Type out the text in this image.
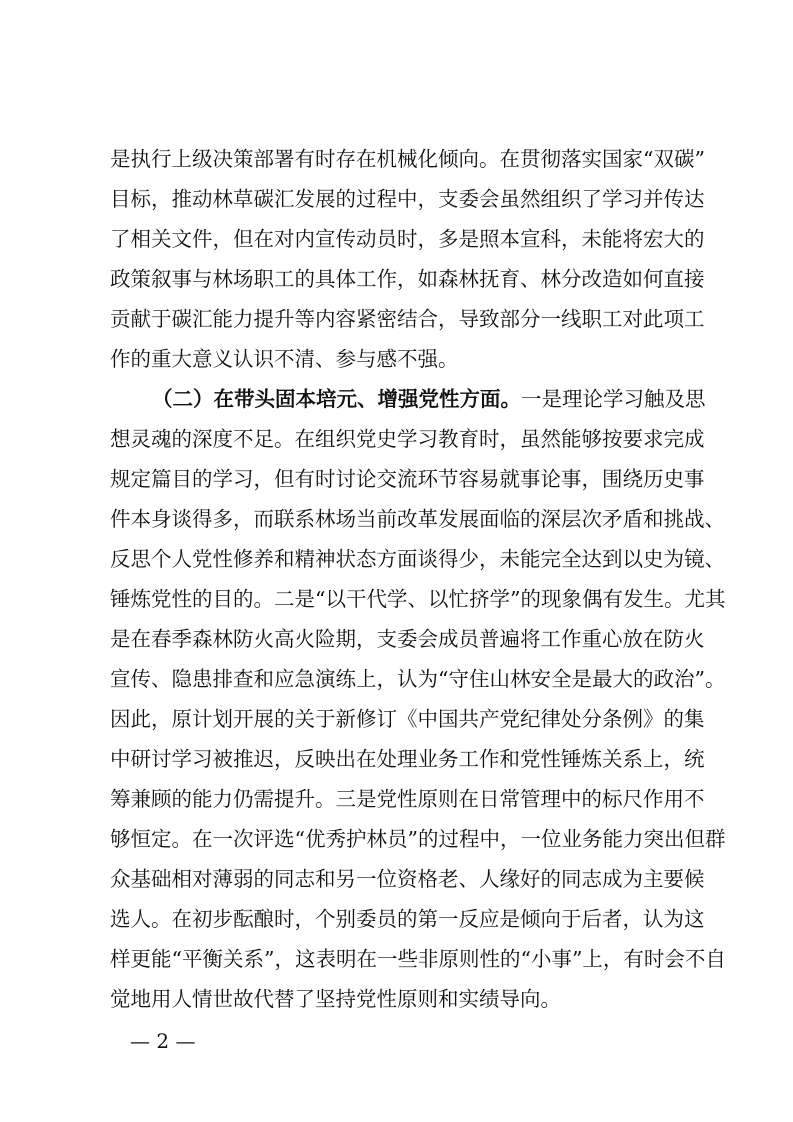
是执行上级决策部署有时存在机械化倾向。在贯彻落实国家“双碳”
目标，推动林草碳汇发展的过程中，支委会虽然组织了学习并传达
了相关文件，但在对内宣传动员时，多是照本宣科，未能将宏大的
政策叙事与林场职工的具体工作，如森林抚育、林分改造如何直接
贡献于碳汇能力提升等内容紧密结合，导致部分一线职工对此项工
作的重大意义认识不清、参与感不强。
（二）在带头固本培元、增强党性方面。一是理论学习触及思
想灵魂的深度不足。在组织党史学习教育时，虽然能够按要求完成
规定篇目的学习，但有时讨论交流环节容易就事论事，围绕历史事
件本身谈得多，而联系林场当前改革发展面临的深层次矛盾和挑战、
反思个人党性修养和精神状态方面谈得少，未能完全达到以史为镜、
锤炼党性的目的。二是“以干代学、以忙挤学”的现象偶有发生。尤其
是在春季森林防火高火险期，支委会成员普遍将工作重心放在防火
宣传、隐患排查和应急演练上，认为“守住山林安全是最大的政治”。
因此，原计划开展的关于新修订《中国共产党纪律处分条例》的集
中研讨学习被推迟，反映出在处理业务工作和党性锤炼关系上，统
筹兼顾的能力仍需提升。三是党性原则在日常管理中的标尺作用不
够恒定。在一次评选“优秀护林员”的过程中，一位业务能力突出但群
众基础相对薄弱的同志和另一位资格老、人缘好的同志成为主要候
选人。在初步酝酿时，个别委员的第一反应是倾向于后者，认为这
样更能“平衡关系”，这表明在一些非原则性的“小事”上，有时会不自
觉地用人情世故代替了坚持党性原则和实绩导向。
— 2 —
